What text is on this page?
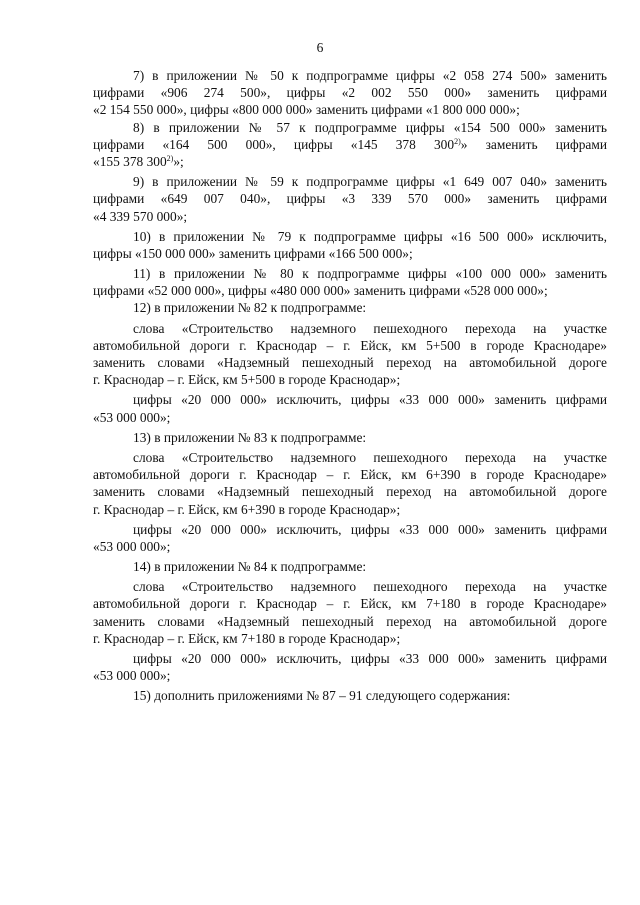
6
7) в приложении № 50 к подпрограмме цифры «2 058 274 500» заменить
цифрами «906 274 500», цифры «2 002 550 000» заменить цифрами
«2 154 550 000», цифры «800 000 000» заменить цифрами «1 800 000 000»;
8) в приложении № 57 к подпрограмме цифры «154 500 000» заменить
цифрами «164 500 000», цифры «145 378 300$^{2)}$» заменить цифрами
«155 378 300$^{2)}$»;
9) в приложении № 59 к подпрограмме цифры «1 649 007 040» заменить
цифрами «649 007 040», цифры «3 339 570 000» заменить цифрами
«4 339 570 000»;
10) в приложении № 79 к подпрограмме цифры «16 500 000» исключить,
цифры «150 000 000» заменить цифрами «166 500 000»;
11) в приложении № 80 к подпрограмме цифры «100 000 000» заменить
цифрами «52 000 000», цифры «480 000 000» заменить цифрами «528 000 000»;
12) в приложении № 82 к подпрограмме:
слова «Строительство надземного пешеходного перехода на участке
автомобильной дороги г. Краснодар – г. Ейск, км 5+500 в городе Краснодаре»
заменить словами «Надземный пешеходный переход на автомобильной дороге
г. Краснодар – г. Ейск, км 5+500 в городе Краснодар»;
цифры «20 000 000» исключить, цифры «33 000 000» заменить цифрами
«53 000 000»;
13) в приложении № 83 к подпрограмме:
слова «Строительство надземного пешеходного перехода на участке
автомобильной дороги г. Краснодар – г. Ейск, км 6+390 в городе Краснодаре»
заменить словами «Надземный пешеходный переход на автомобильной дороге
г. Краснодар – г. Ейск, км 6+390 в городе Краснодар»;
цифры «20 000 000» исключить, цифры «33 000 000» заменить цифрами
«53 000 000»;
14) в приложении № 84 к подпрограмме:
слова «Строительство надземного пешеходного перехода на участке
автомобильной дороги г. Краснодар – г. Ейск, км 7+180 в городе Краснодаре»
заменить словами «Надземный пешеходный переход на автомобильной дороге
г. Краснодар – г. Ейск, км 7+180 в городе Краснодар»;
цифры «20 000 000» исключить, цифры «33 000 000» заменить цифрами
«53 000 000»;
15) дополнить приложениями № 87 – 91 следующего содержания:
